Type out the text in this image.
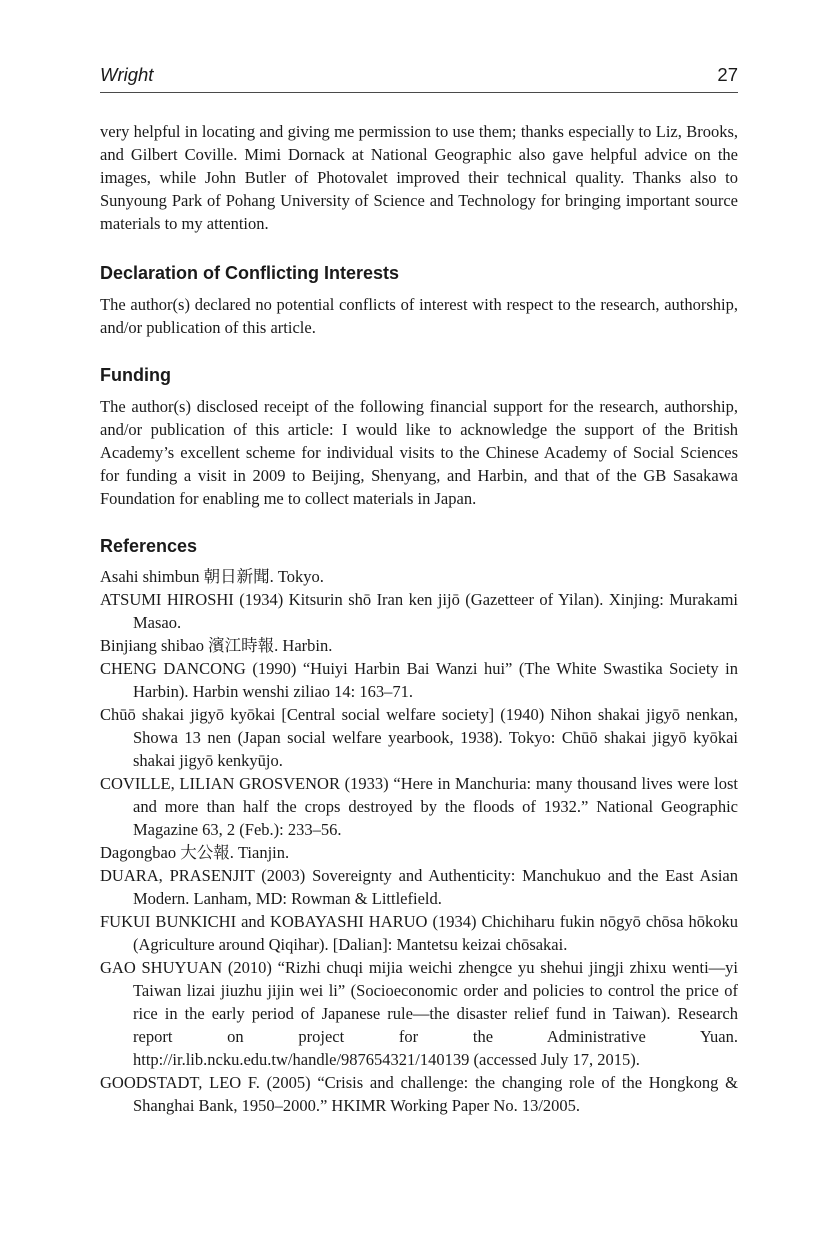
Wright	27

very helpful in locating and giving me permission to use them; thanks especially to Liz, Brooks, and Gilbert Coville. Mimi Dornack at National Geographic also gave helpful advice on the images, while John Butler of Photovalet improved their technical quality. Thanks also to Sunyoung Park of Pohang University of Science and Technology for bringing important source materials to my attention.

Declaration of Conflicting Interests

The author(s) declared no potential conflicts of interest with respect to the research, authorship, and/or publication of this article.

Funding

The author(s) disclosed receipt of the following financial support for the research, authorship, and/or publication of this article: I would like to acknowledge the support of the British Academy’s excellent scheme for individual visits to the Chinese Academy of Social Sciences for funding a visit in 2009 to Beijing, Shenyang, and Harbin, and that of the GB Sasakawa Foundation for enabling me to collect materials in Japan.

References
Asahi shimbun 朝日新聞. Tokyo.
ATSUMI HIROSHI (1934) Kitsurin shō Iran ken jijō (Gazetteer of Yilan). Xinjing: Murakami Masao.
Binjiang shibao 濱江時報. Harbin.
CHENG DANCONG (1990) “Huiyi Harbin Bai Wanzi hui” (The White Swastika Society in Harbin). Harbin wenshi ziliao 14: 163–71.
Chūō shakai jigyō kyōkai [Central social welfare society] (1940) Nihon shakai jigyō nenkan, Showa 13 nen (Japan social welfare yearbook, 1938). Tokyo: Chūō shakai jigyō kyōkai shakai jigyō kenkyūjo.
COVILLE, LILIAN GROSVENOR (1933) “Here in Manchuria: many thousand lives were lost and more than half the crops destroyed by the floods of 1932.” National Geographic Magazine 63, 2 (Feb.): 233–56.
Dagongbao 大公報. Tianjin.
DUARA, PRASENJIT (2003) Sovereignty and Authenticity: Manchukuo and the East Asian Modern. Lanham, MD: Rowman & Littlefield.
FUKUI BUNKICHI and KOBAYASHI HARUO (1934) Chichiharu fukin nōgyō chōsa hōkoku (Agriculture around Qiqihar). [Dalian]: Mantetsu keizai chōsakai.
GAO SHUYUAN (2010) “Rizhi chuqi mijia weichi zhengce yu shehui jingji zhixu wenti—yi Taiwan lizai jiuzhu jijin wei li” (Socioeconomic order and policies to control the price of rice in the early period of Japanese rule—the disaster relief fund in Taiwan). Research report on project for the Administrative Yuan. http://ir.lib.ncku.edu.tw/handle/987654321/140139 (accessed July 17, 2015).
GOODSTADT, LEO F. (2005) “Crisis and challenge: the changing role of the Hongkong & Shanghai Bank, 1950–2000.” HKIMR Working Paper No. 13/2005.
